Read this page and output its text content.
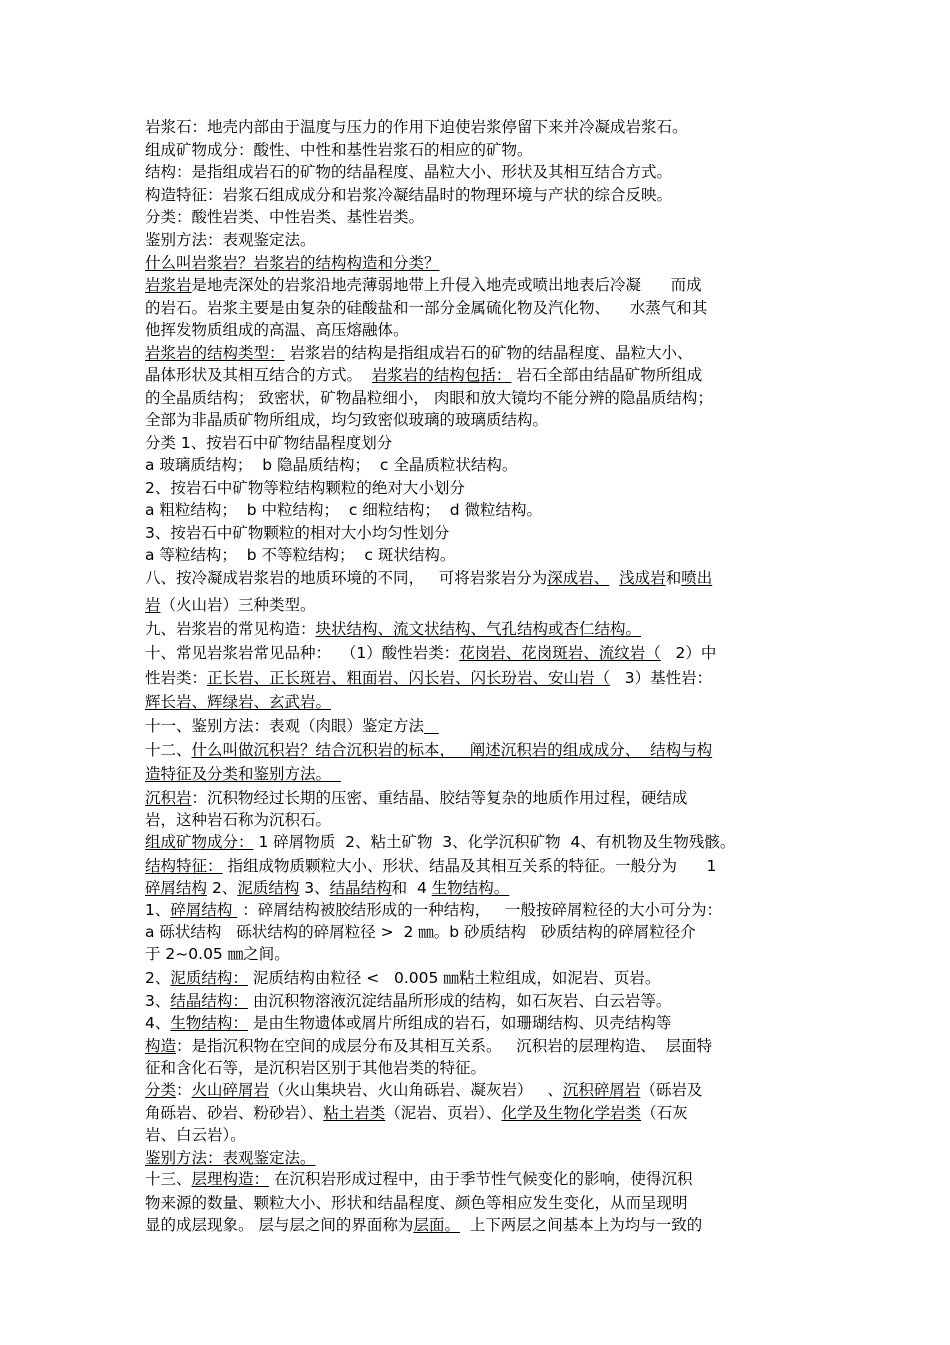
岩浆石：地壳内部由于温度与压力的作用下迫使岩浆停留下来并冷凝成岩浆石。
组成矿物成分：酸性、中性和基性岩浆石的相应的矿物。
结构：是指组成岩石的矿物的结晶程度、晶粒大小、形状及其相互结合方式。
构造特征：岩浆石组成成分和岩浆冷凝结晶时的物理环境与产状的综合反映。
分类：酸性岩类、中性岩类、基性岩类。
鉴别方法：表观鉴定法。
什么叫岩浆岩？岩浆岩的结构构造和分类？
岩浆岩是地壳深处的岩浆沿地壳薄弱地带上升侵入地壳或喷出地表后冷凝      而成
的岩石。岩浆主要是由复杂的硅酸盐和一部分金属硫化物及汽化物、    水蒸气和其
他挥发物质组成的高温、高压熔融体。
岩浆岩的结构类型： 岩浆岩的结构是指组成岩石的矿物的结晶程度、晶粒大小、
晶体形状及其相互结合的方式。  岩浆岩的结构包括： 岩石全部由结晶矿物所组成
的全晶质结构； 致密状，矿物晶粒细小， 肉眼和放大镜均不能分辨的隐晶质结构；
全部为非晶质矿物所组成，均匀致密似玻璃的玻璃质结构。
分类 1、按岩石中矿物结晶程度划分
a 玻璃质结构；  b 隐晶质结构；  c 全晶质粒状结构。
2、按岩石中矿物等粒结构颗粒的绝对大小划分
a 粗粒结构；  b 中粒结构；  c 细粒结构；  d 微粒结构。
3、按岩石中矿物颗粒的相对大小均匀性划分
a 等粒结构；  b 不等粒结构；  c 斑状结构。
八、按冷凝成岩浆岩的地质环境的不同，   可将岩浆岩分为深成岩、 浅成岩和喷出
岩（火山岩）三种类型。
九、岩浆岩的常见构造：块状结构、流文状结构、气孔结构或杏仁结构。
十、常见岩浆岩常见品种：  （1）酸性岩类：花岗岩、花岗斑岩、流纹岩（   2）中
性岩类：正长岩、正长斑岩、粗面岩、闪长岩、闪长玢岩、安山岩（   3）基性岩：
辉长岩、辉绿岩、玄武岩。
十一、鉴别方法：表观（肉眼）鉴定方法
十二、什么叫做沉积岩？结合沉积岩的标本，   阐述沉积岩的组成成分、  结构与构
造特征及分类和鉴别方法。
沉积岩：沉积物经过长期的压密、重结晶、胶结等复杂的地质作用过程，硬结成
岩，这种岩石称为沉积石。
组成矿物成分： 1 碎屑物质  2、粘土矿物  3、化学沉积矿物  4、有机物及生物残骸。
结构特征： 指组成物质颗粒大小、形状、结晶及其相互关系的特征。一般分为      1
碎屑结构 2、泥质结构 3、结晶结构和  4 生物结构。
1、碎屑结构  ：碎屑结构被胶结形成的一种结构，   一般按碎屑粒径的大小可分为：
a 砾状结构   砾状结构的碎屑粒径 >  2 ㎜。b 砂质结构   砂质结构的碎屑粒径介
于 2~0.05 ㎜之间。
2、泥质结构： 泥质结构由粒径 <   0.005 ㎜粘土粒组成，如泥岩、页岩。
3、结晶结构： 由沉积物溶液沉淀结晶所形成的结构，如石灰岩、白云岩等。
4、生物结构： 是由生物遗体或屑片所组成的岩石，如珊瑚结构、贝壳结构等
构造：是指沉积物在空间的成层分布及其相互关系。   沉积岩的层理构造、  层面特
征和含化石等，是沉积岩区别于其他岩类的特征。
分类：火山碎屑岩（火山集块岩、火山角砾岩、凝灰岩）   、沉积碎屑岩（砾岩及
角砾岩、砂岩、粉砂岩）、粘土岩类（泥岩、页岩）、化学及生物化学岩类（石灰
岩、白云岩）。
鉴别方法：表观鉴定法。
十三、层理构造： 在沉积岩形成过程中，由于季节性气候变化的影响，使得沉积
物来源的数量、颗粒大小、形状和结晶程度、颜色等相应发生变化，从而呈现明
显的成层现象。 层与层之间的界面称为层面。  上下两层之间基本上为均与一致的
